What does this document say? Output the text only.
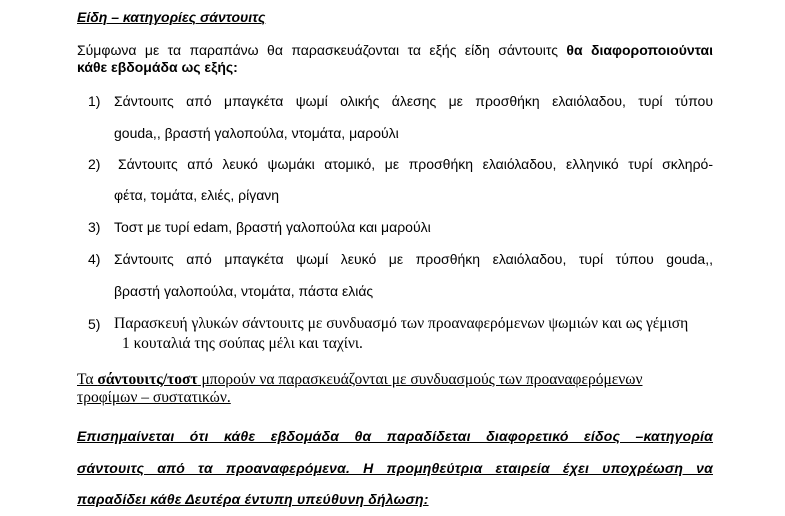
Είδη – κατηγορίες σάντουιτς
Σύμφωνα με τα παραπάνω θα παρασκευάζονται τα εξής είδη σάντουιτς θα διαφοροποιούνται
κάθε εβδομάδα ως εξής:
1) Σάντουιτς από μπαγκέτα ψωμί ολικής άλεσης με προσθήκη ελαιόλαδου, τυρί τύπου
gouda,, βραστή γαλοπούλα, ντομάτα, μαρούλι
2) Σάντουιτς από λευκό ψωμάκι ατομικό, με προσθήκη ελαιόλαδου, ελληνικό τυρί σκληρό-
φέτα, τομάτα, ελιές, ρίγανη
3) Τοστ με τυρί edam, βραστή γαλοπούλα και μαρούλι
4) Σάντουιτς από μπαγκέτα ψωμί λευκό με προσθήκη ελαιόλαδου, τυρί τύπου gouda,,
βραστή γαλοπούλα, ντομάτα, πάστα ελιάς
5) Παρασκευή γλυκών σάντουιτς με συνδυασμό των προαναφερόμενων ψωμιών και ως γέμιση
1 κουταλιά της σούπας μέλι και ταχίνι.
Τα σάντουιτς/τοστ μπορούν να παρασκευάζονται με συνδυασμούς των προαναφερόμενων
τροφίμων – συστατικών.
Επισημαίνεται ότι κάθε εβδομάδα θα παραδίδεται διαφορετικό είδος –κατηγορία
σάντουιτς από τα προαναφερόμενα. Η προμηθεύτρια εταιρεία έχει υποχρέωση να
παραδίδει κάθε Δευτέρα έντυπη υπεύθυνη δήλωση:
